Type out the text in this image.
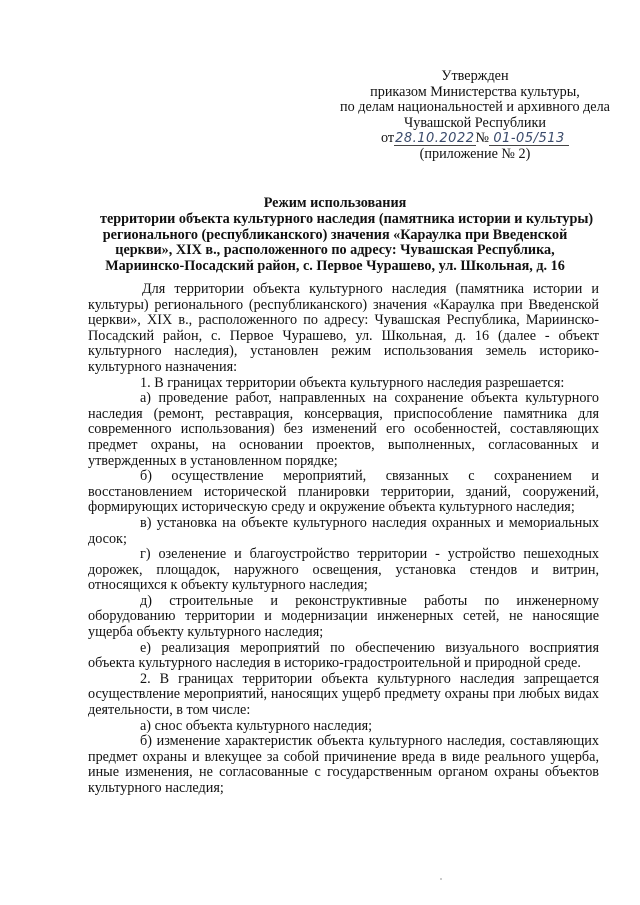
Утвержден
приказом Министерства культуры,
по делам национальностей и архивного дела
Чувашской Республики
от 28.10.2022 № 01-05/513
(приложение № 2)
Режим использования
территории объекта культурного наследия (памятника истории и культуры)
регионального (республиканского) значения «Караулка при Введенской
церкви», XIX в., расположенного по адресу: Чувашская Республика,
Мариинско-Посадский район, с. Первое Чурашево, ул. Школьная, д. 16

Для территории объекта культурного наследия (памятника истории и культуры) регионального (республиканского) значения «Караулка при Введенской церкви», XIX в., расположенного по адресу: Чувашская Республика, Мариинско-Посадский район, с. Первое Чурашево, ул. Школьная, д. 16 (далее - объект культурного наследия), установлен режим использования земель историко-культурного назначения:

1. В границах территории объекта культурного наследия разрешается:

а) проведение работ, направленных на сохранение объекта культурного наследия (ремонт, реставрация, консервация, приспособление памятника для современного использования) без изменений его особенностей, составляющих предмет охраны, на основании проектов, выполненных, согласованных и утвержденных в установленном порядке;

б) осуществление мероприятий, связанных с сохранением и восстановлением исторической планировки территории, зданий, сооружений, формирующих историческую среду и окружение объекта культурного наследия;

в) установка на объекте культурного наследия охранных и мемориальных досок;

г) озеленение и благоустройство территории - устройство пешеходных дорожек, площадок, наружного освещения, установка стендов и витрин, относящихся к объекту культурного наследия;

д) строительные и реконструктивные работы по инженерному оборудованию территории и модернизации инженерных сетей, не наносящие ущерба объекту культурного наследия;

е) реализация мероприятий по обеспечению визуального восприятия объекта культурного наследия в историко-градостроительной и природной среде.

2. В границах территории объекта культурного наследия запрещается осуществление мероприятий, наносящих ущерб предмету охраны при любых видах деятельности, в том числе:

а) снос объекта культурного наследия;

б) изменение характеристик объекта культурного наследия, составляющих предмет охраны и влекущее за собой причинение вреда в виде реального ущерба, иные изменения, не согласованные с государственным органом охраны объектов культурного наследия;
